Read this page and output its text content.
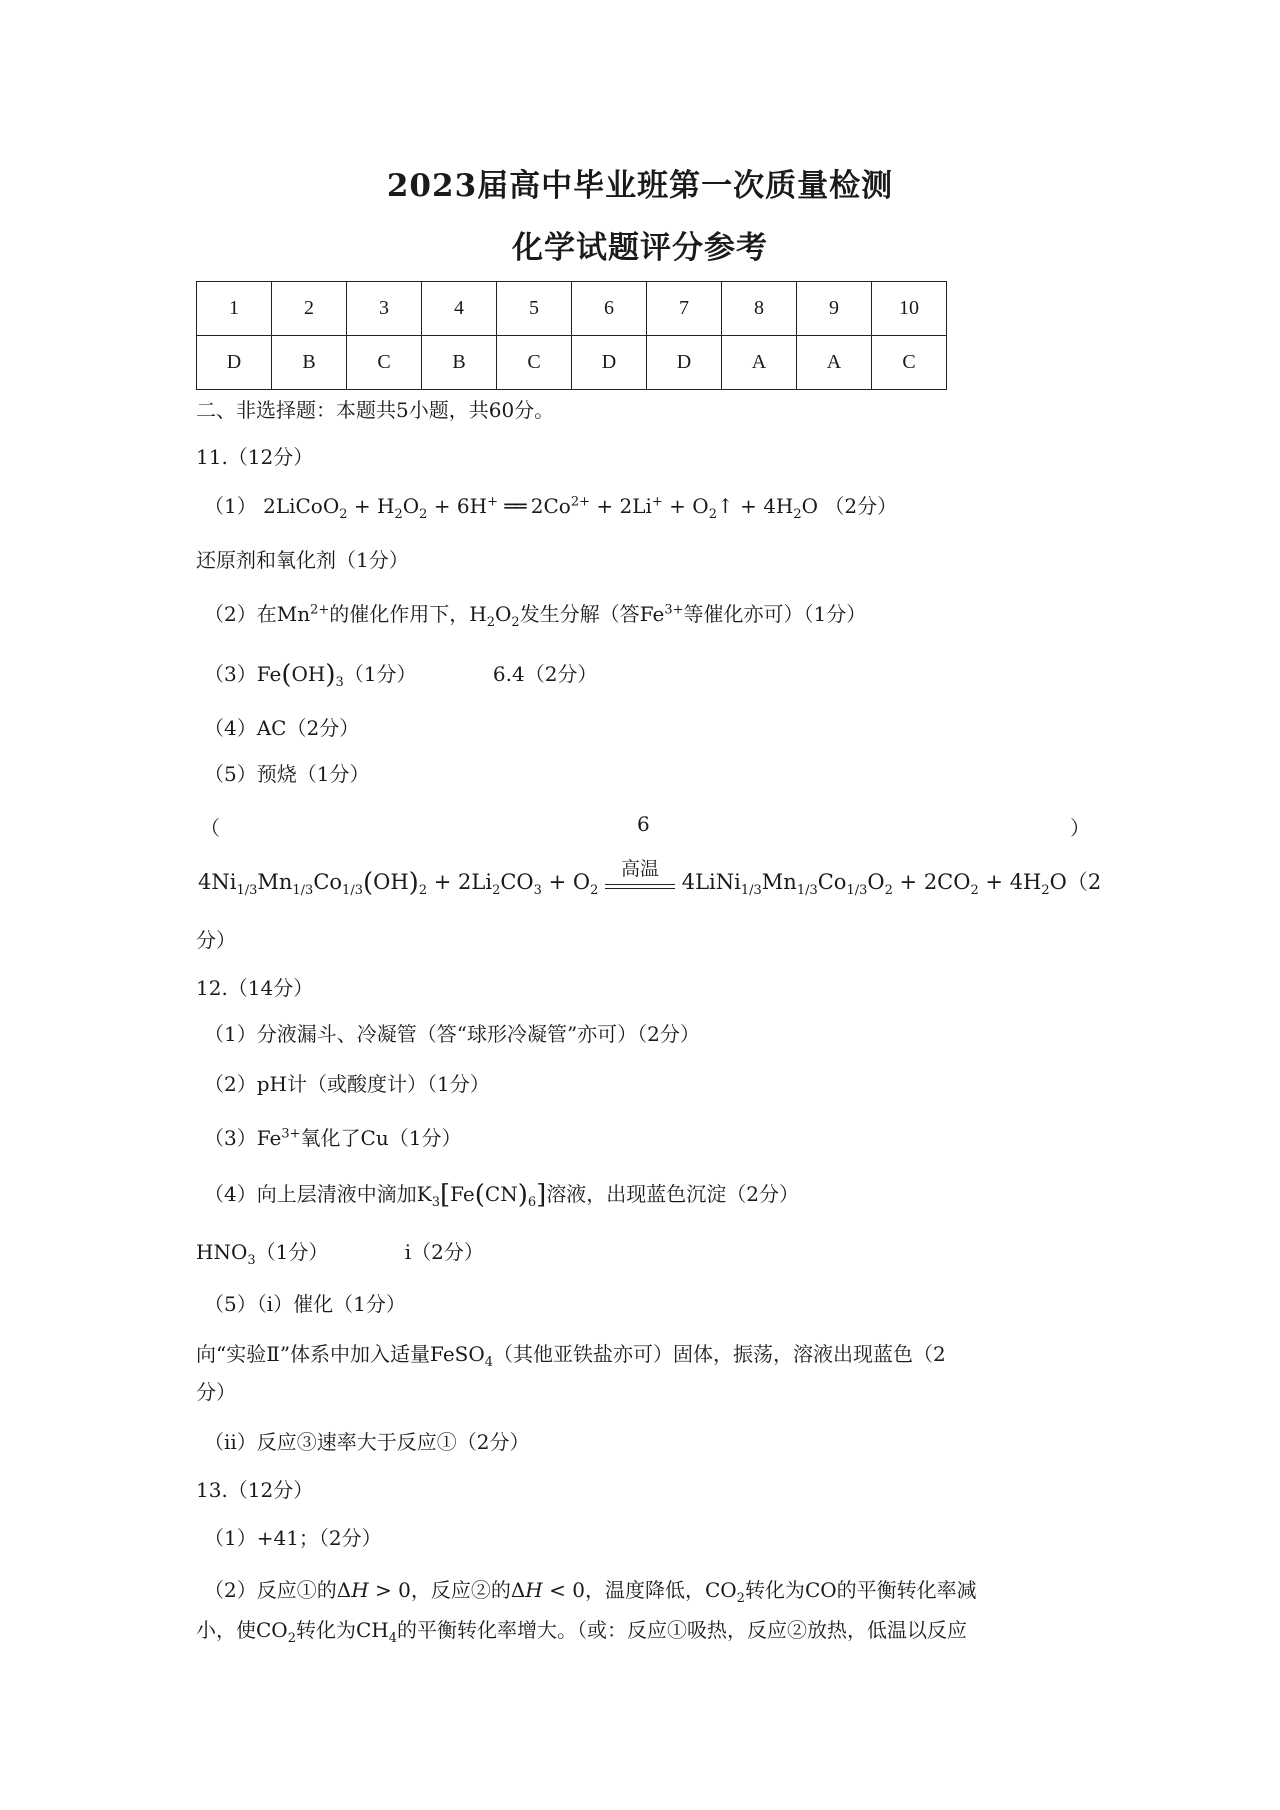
2023届高中毕业班第一次质量检测
化学试题评分参考
1	2	3	4	5	6	7	8	9	10
D	B	C	B	C	D	D	A	A	C
二、非选择题：本题共5小题，共60分。
11.（12分）
（1） 2LiCoO$_2$ + $H_2O_2 + 6H^+$ ══ $2Co^{2+} + 2Li^+$ + $O_2↑ + 4H_2O$ （2分）
还原剂和氧化剂（1分）
（2）在$Mn^{2+}$的催化作用下，$H_2O_2$发生分解（答$Fe^{3+}$等催化亦可）（1分）
$(3)Fe(OH)_3(1$分）	6.4（2分）
（4）AC（2分）
（5）预烧（1分）
（	6	）
$4Ni_{1/3}Mn_{1/3}Co_{1/3}(OH)_2 + 2Li_2CO_3 + O_2$
高温
$4LiNi_{1/3}Mn_{1/3}Co_{1/3}O_2 + 2CO_2 + 4H_2O(2$
分）
12.（14分）
（1）分液漏斗、冷凝管（答“球形冷凝管”亦可）（2分）
（2）pH计（或酸度计）（1分）
$(3)Fe^{3+}$氧化了Cu（1分）
（4）向上层清液中滴加$K_3[Fe(CN)_6]$溶液，出现蓝色沉淀（2分）
$HNO_3(1$分）	i（2分）
（5）（i）催化（1分）
向“实验Ⅱ”体系中加入适量FeSO$_4$（其他亚铁盐亦可）固体，振荡，溶液出现蓝色（2
分）
（ii）反应③速率大于反应①（2分）
13.（12分）
（1）+41；（2分）
（2）反应①的ΔH > 0，反应②的ΔH < 0，温度降低，$CO_2$转化为CO的平衡转化率减
小，使$CO_2$转化为$CH_4$的平衡转化率增大。（或：反应①吸热，反应②放热，低温以反应
